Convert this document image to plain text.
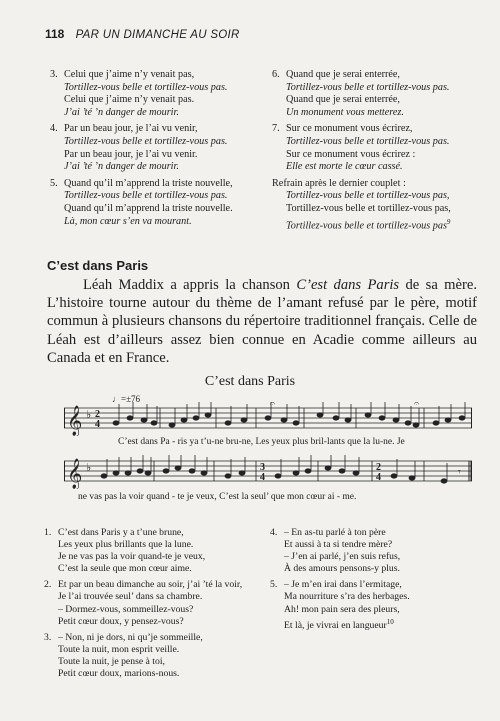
118 PAR UN DIMANCHE AU SOIR
3. Celui que j’aime n’y venait pas,
Tortillez-vous belle et tortillez-vous pas.
Celui que j’aime n’y venait pas.
J’ai ’té ’n danger de mourir.
4. Par un beau jour, je l’ai vu venir,
Tortillez-vous belle et tortillez-vous pas.
Par un beau jour, je l’ai vu venir.
J’ai ’té ’n danger de mourir.
5. Quand qu’il m’apprend la triste nouvelle,
Tortillez-vous belle et tortillez-vous pas.
Quand qu’il m’apprend la triste nouvelle.
Là, mon cœur s’en va mourant.
6. Quand que je serai enterrée,
Tortillez-vous belle et tortillez-vous pas.
Quand que je serai enterrée,
Un monument vous metterez.
7. Sur ce monument vous écrirez,
Tortillez-vous belle et tortillez-vous pas.
Sur ce monument vous écrirez :
Elle est morte le cœur cassé.
Refrain après le dernier couplet :
Tortillez-vous belle et tortillez-vous pas,
Tortillez-vous belle et tortillez-vous pas,
Tortillez-vous belle et tortillez-vous pas$^9$
C’est dans Paris
Léah Maddix a appris la chanson C’est dans Paris de sa mère. L’histoire tourne autour du thème de l’amant refusé par le père, motif commun à plusieurs chansons du répertoire traditionnel français. Celle de Léah est d’ailleurs assez bien connue en Acadie comme ailleurs au Canada et en France.
C’est dans Paris
♩=±76
𝄞 ♭ 2
4
𝄐	𝄐
C’est dans Pa - ris ya t’u-ne bru-ne, Les yeux plus bril-lants que la lu-ne. Je
𝄞 ♭	3
4
2
4	𝄾
ne vas pas la voir quand - te je veux, C’est la seul’ que mon cœur ai - me.
1. C’est dans Paris y a t’une brune,
Les yeux plus brillants que la lune.
Je ne vas pas la voir quand-te je veux,
C’est la seule que mon cœur aime.
2. Et par un beau dimanche au soir, j’ai ’té la voir,
Je l’ai trouvée seul’ dans sa chambre.
– Dormez-vous, sommeillez-vous?
Petit cœur doux, y pensez-vous?
3. – Non, ni je dors, ni qu’je sommeille,
Toute la nuit, mon esprit veille.
Toute la nuit, je pense à toi,
Petit cœur doux, marions-nous.
4. – En as-tu parlé à ton père
Et aussi à ta si tendre mère?
– J’en ai parlé, j’en suis refus,
À des amours pensons-y plus.
5. – Je m’en irai dans l’ermitage,
Ma nourriture s’ra des herbages.
Ah! mon pain sera des pleurs,
Et là, je vivrai en langueur$^{10}$
